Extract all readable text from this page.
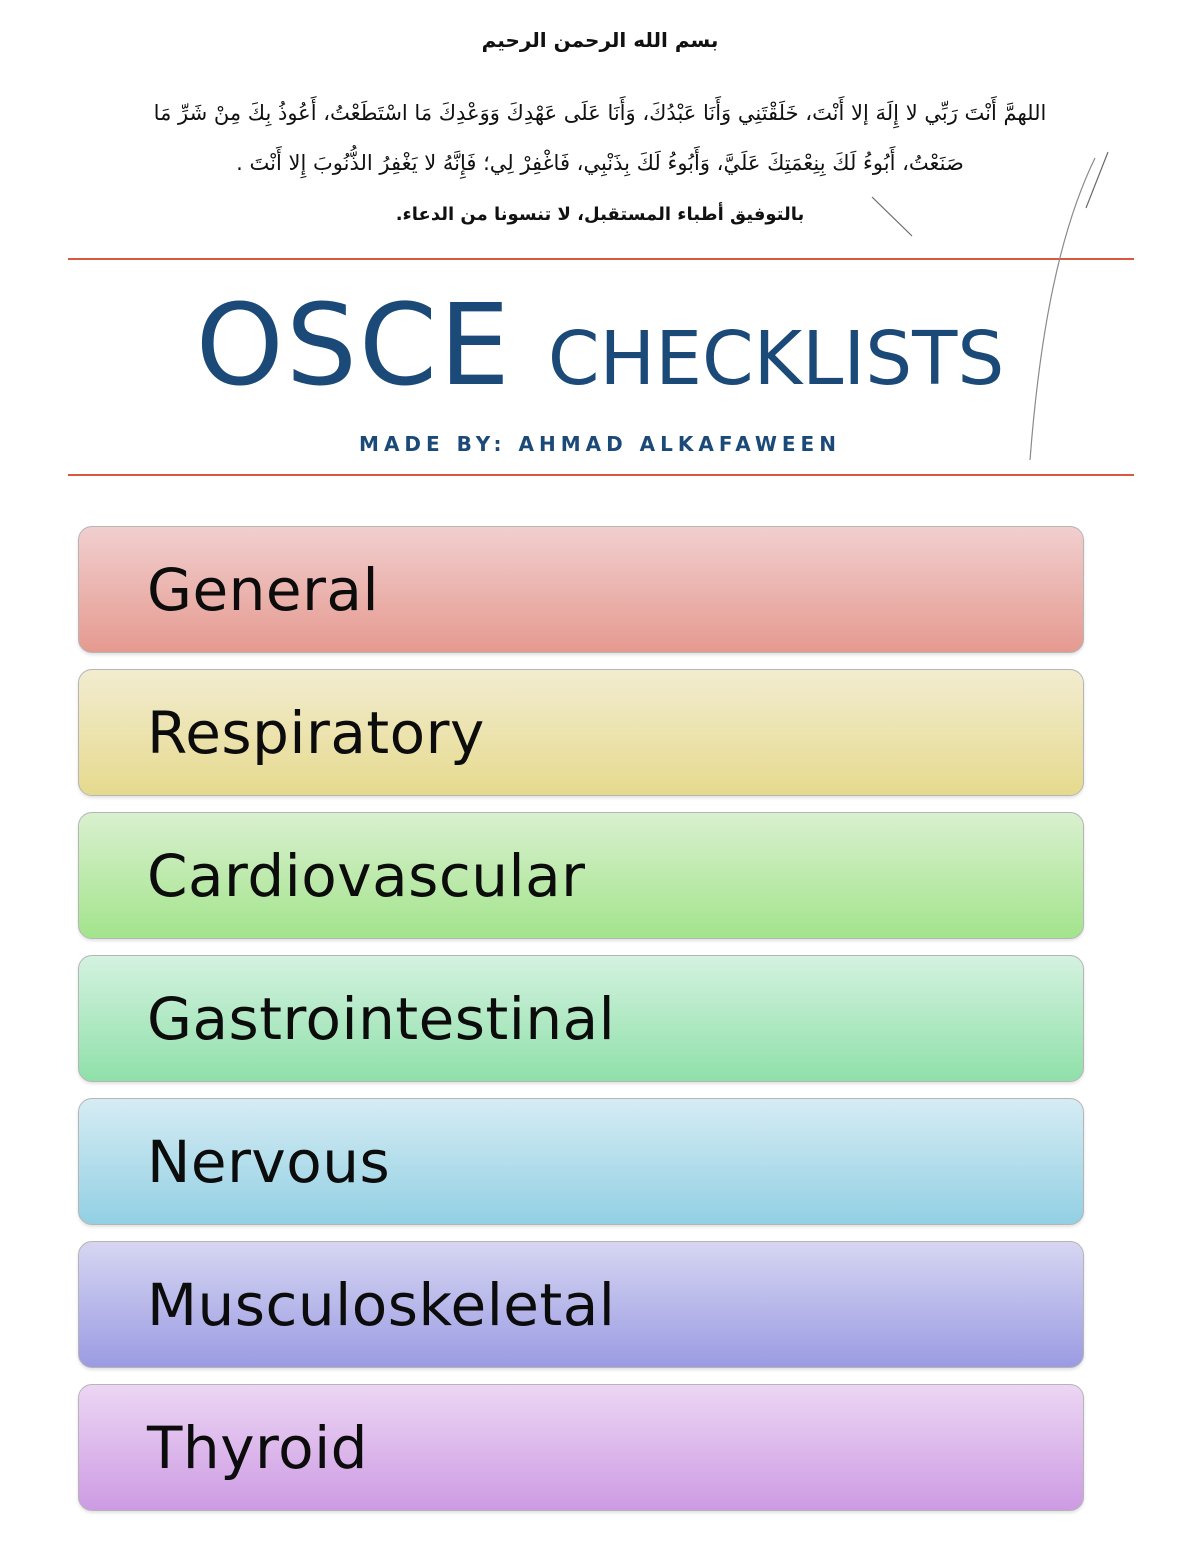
بسم الله الرحمن الرحيم
اللهمَّ أَنْتَ رَبِّي لا إِلَهَ إلا أَنْتَ، خَلَقْتَنِي وَأَنَا عَبْدُكَ، وَأَنَا عَلَى عَهْدِكَ وَوَعْدِكَ مَا اسْتَطَعْتُ، أَعُوذُ بِكَ مِنْ شَرِّ مَا
صَنَعْتُ، أَبُوءُ لَكَ بِنِعْمَتِكَ عَلَيَّ، وَأَبُوءُ لَكَ بِذَنْبِي، فَاغْفِرْ لِي؛ فَإِنَّهُ لا يَغْفِرُ الذُّنُوبَ إِلا أَنْتَ .
بالتوفيق أطباء المستقبل، لا تنسونا من الدعاء.
OSCE CHECKLISTS
MADE BY: AHMAD ALKAFAWEEN
General
Respiratory
Cardiovascular
Gastrointestinal
Nervous
Musculoskeletal
Thyroid
